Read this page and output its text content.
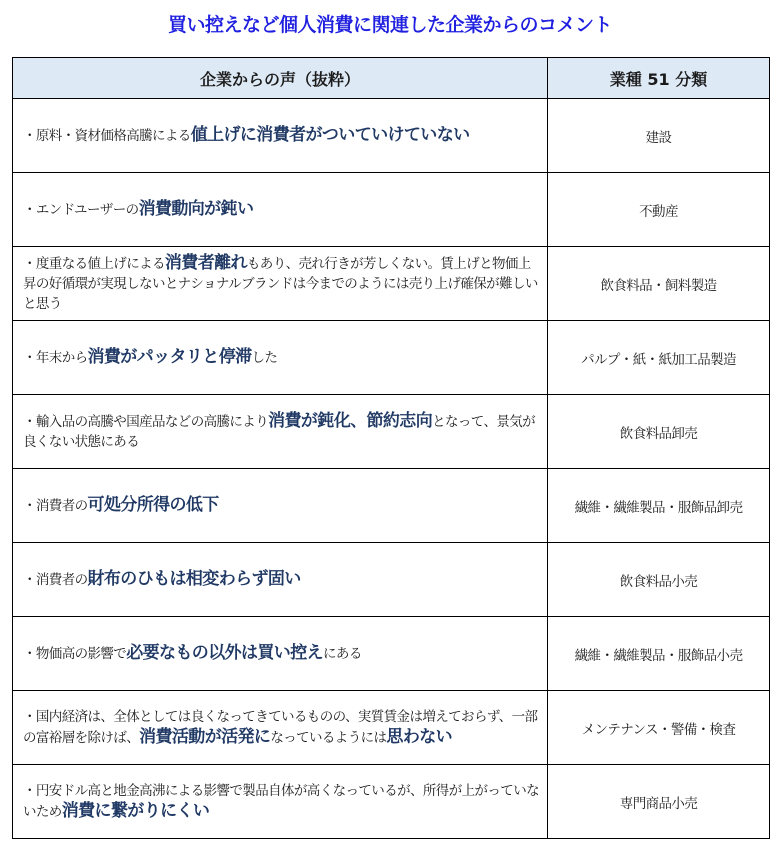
買い控えなど個人消費に関連した企業からのコメント
企業からの声（抜粋）	業種 51 分類
・原料・資材価格高騰による値上げに消費者がついていけていない	建設
・エンドユーザーの消費動向が鈍い	不動産
・度重なる値上げによる消費者離れもあり、売れ行きが芳しくない。賃上げと物価上昇の好循環が実現しないとナショナルブランドは今までのようには売り上げ確保が難しいと思う	飲食料品・飼料製造
・年末から消費がパッタリと停滞した	パルプ・紙・紙加工品製造
・輸入品の高騰や国産品などの高騰により消費が鈍化、節約志向となって、景気が良くない状態にある	飲食料品卸売
・消費者の可処分所得の低下	繊維・繊維製品・服飾品卸売
・消費者の財布のひもは相変わらず固い	飲食料品小売
・物価高の影響で必要なもの以外は買い控えにある	繊維・繊維製品・服飾品小売
・国内経済は、全体としては良くなってきているものの、実質賃金は増えておらず、一部の富裕層を除けば、消費活動が活発になっているようには思わない	メンテナンス・警備・検査
・円安ドル高と地金高沸による影響で製品自体が高くなっているが、所得が上がっていないため消費に繋がりにくい	専門商品小売
